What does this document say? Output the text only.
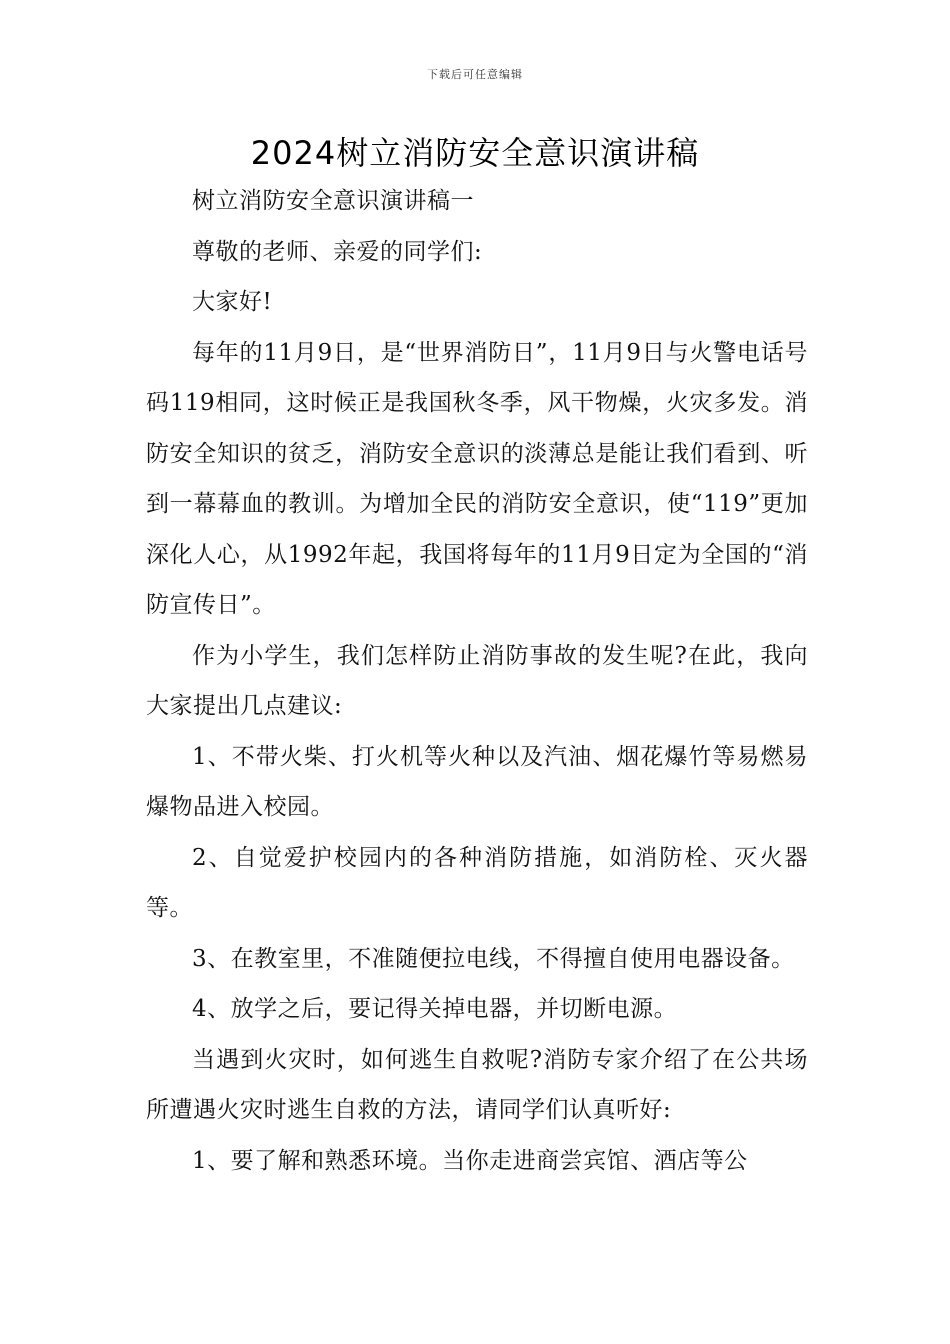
下载后可任意编辑
2024树立消防安全意识演讲稿

树立消防安全意识演讲稿一

尊敬的老师、亲爱的同学们:

大家好!

每年的11月9日，是“世界消防日”，11月9日与火警电话号码119相同，这时候正是我国秋冬季，风干物燥，火灾多发。消防安全知识的贫乏，消防安全意识的淡薄总是能让我们看到、听到一幕幕血的教训。为增加全民的消防安全意识，使“119”更加深化人心，从1992年起，我国将每年的11月9日定为全国的“消防宣传日”。

作为小学生，我们怎样防止消防事故的发生呢?在此，我向大家提出几点建议:

1、不带火柴、打火机等火种以及汽油、烟花爆竹等易燃易爆物品进入校园。

2、自觉爱护校园内的各种消防措施，如消防栓、灭火器等。

3、在教室里，不准随便拉电线，不得擅自使用电器设备。

4、放学之后，要记得关掉电器，并切断电源。

当遇到火灾时，如何逃生自救呢?消防专家介绍了在公共场所遭遇火灾时逃生自救的方法，请同学们认真听好:

1、要了解和熟悉环境。当你走进商尝宾馆、酒店等公
